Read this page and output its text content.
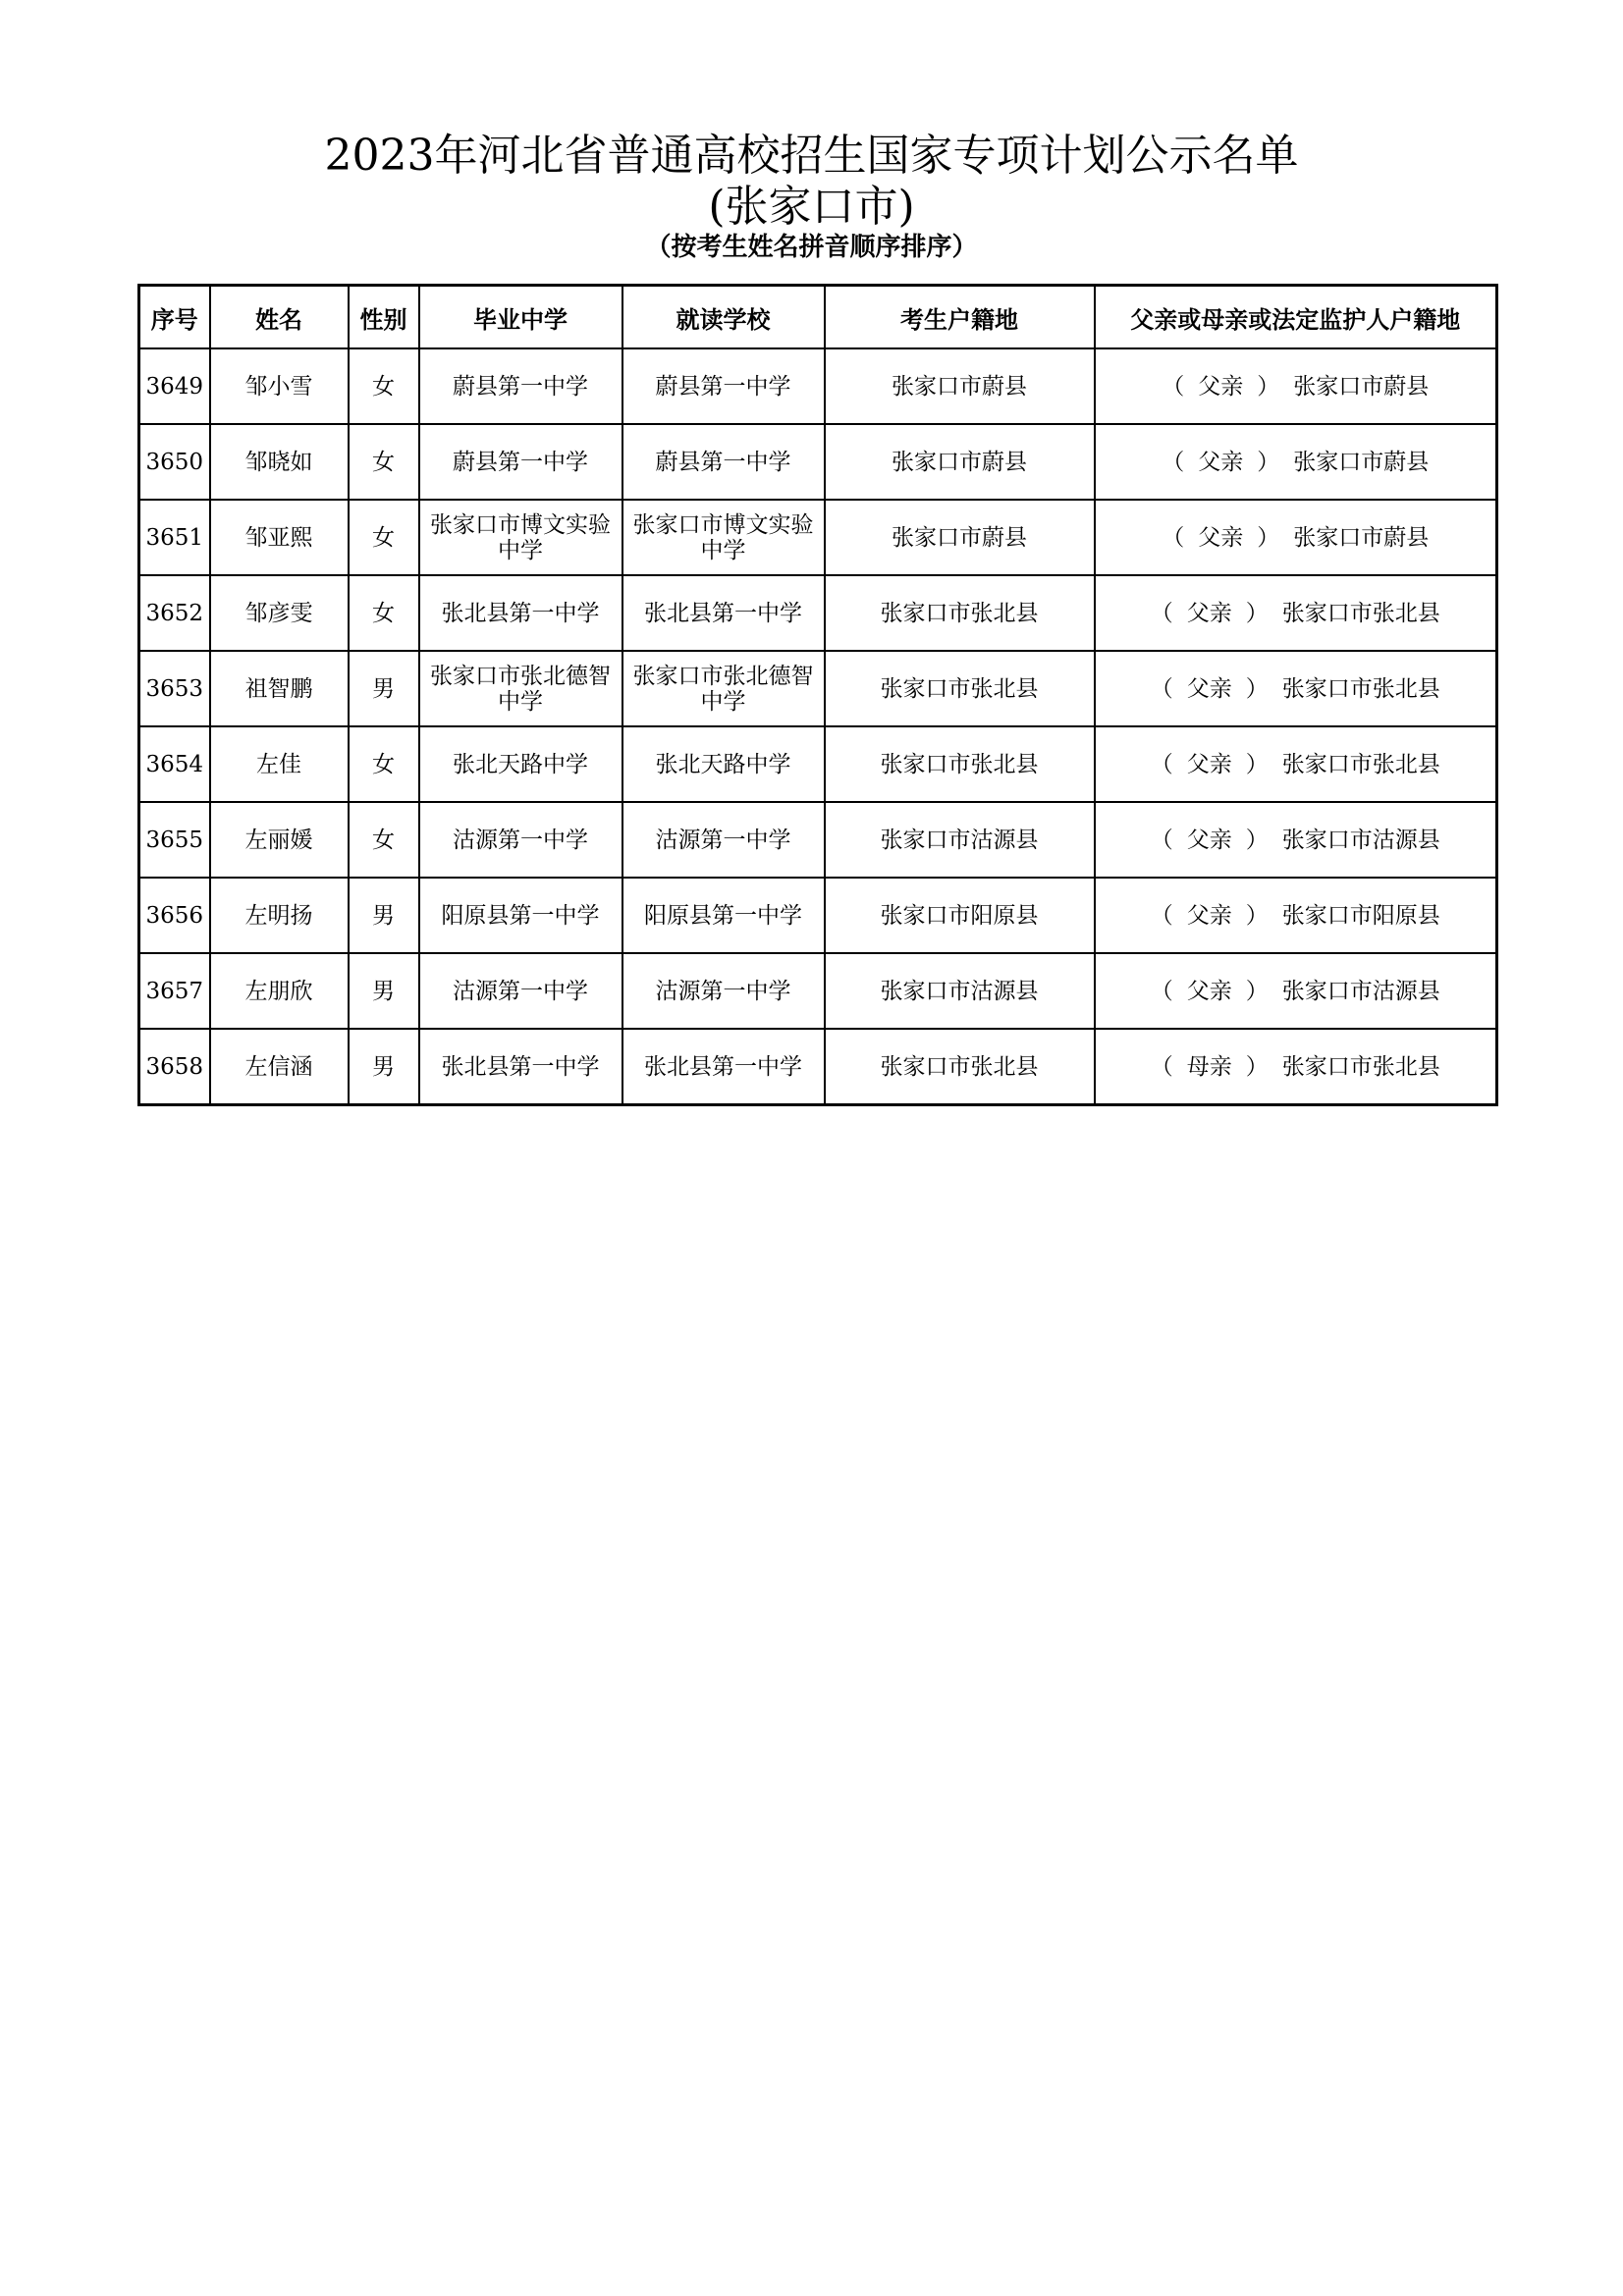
2023年河北省普通高校招生国家专项计划公示名单
(张家口市)
（按考生姓名拼音顺序排序）
序号	姓名	性别	毕业中学	就读学校	考生户籍地	父亲或母亲或法定监护人户籍地
3649	邹小雪	女	蔚县第一中学	蔚县第一中学	张家口市蔚县	（ 父亲 ） 张家口市蔚县
3650	邹晓如	女	蔚县第一中学	蔚县第一中学	张家口市蔚县	（ 父亲 ） 张家口市蔚县
3651	邹亚熙	女	张家口市博文实验中学	张家口市博文实验中学	张家口市蔚县	（ 父亲 ） 张家口市蔚县
3652	邹彦雯	女	张北县第一中学	张北县第一中学	张家口市张北县	（ 父亲 ） 张家口市张北县
3653	祖智鹏	男	张家口市张北德智中学	张家口市张北德智中学	张家口市张北县	（ 父亲 ） 张家口市张北县
3654	左佳	女	张北天路中学	张北天路中学	张家口市张北县	（ 父亲 ） 张家口市张北县
3655	左丽媛	女	沽源第一中学	沽源第一中学	张家口市沽源县	（ 父亲 ） 张家口市沽源县
3656	左明扬	男	阳原县第一中学	阳原县第一中学	张家口市阳原县	（ 父亲 ） 张家口市阳原县
3657	左朋欣	男	沽源第一中学	沽源第一中学	张家口市沽源县	（ 父亲 ） 张家口市沽源县
3658	左信涵	男	张北县第一中学	张北县第一中学	张家口市张北县	（ 母亲 ） 张家口市张北县
